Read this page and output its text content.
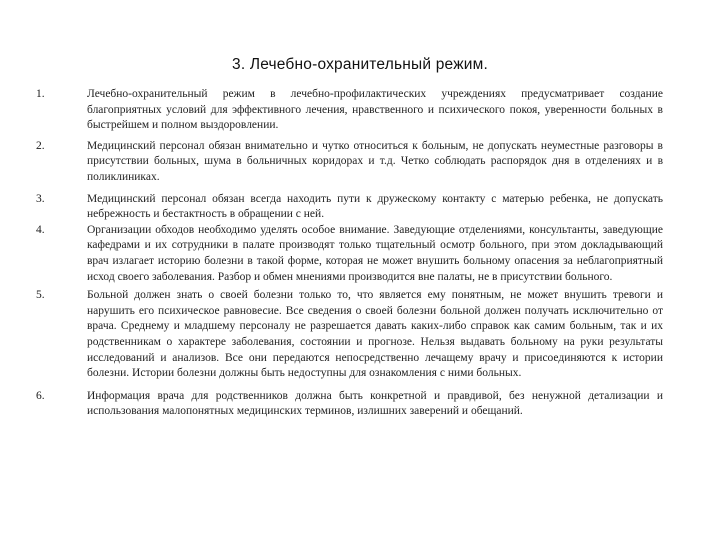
3. Лечебно-охранительный режим.
1.	Лечебно-охранительный режим в лечебно-профилактических учреждениях предусматривает создание благоприятных условий для эффективного лечения, нравственного и психического покоя, уверенности больных в быстрейшем и полном выздоровлении.
2.	Медицинский персонал обязан внимательно и чутко относиться к больным, не допускать неуместные разговоры в присутствии больных, шума в больничных коридорах и т.д. Четко соблюдать распорядок дня в отделениях и в поликлиниках.
3.	Медицинский персонал обязан всегда находить пути к дружескому контакту с матерью ребенка, не допускать небрежность и бестактность в обращении с ней.
4.	Организации обходов необходимо уделять особое внимание. Заведующие отделениями, консультанты, заведующие кафедрами и их сотрудники в палате производят только тщательный осмотр больного, при этом докладывающий врач излагает историю болезни в такой форме, которая не может внушить больному опасения за неблагоприятный исход своего заболевания. Разбор и обмен мнениями производится вне палаты, не в присутствии больного.
5.	Больной должен знать о своей болезни только то, что является ему понятным, не может внушить тревоги и нарушить его психическое равновесие. Все сведения о своей болезни больной должен получать исключительно от врача. Среднему и младшему персоналу не разрешается давать каких-либо справок как самим больным, так и их родственникам о характере заболевания, состоянии и прогнозе. Нельзя выдавать больному на руки результаты исследований и анализов. Все они передаются непосредственно лечащему врачу и присоединяются к истории болезни. Истории болезни должны быть недоступны для ознакомления с ними больных.
6.	Информация врача для родственников должна быть конкретной и правдивой, без ненужной детализации и использования малопонятных медицинских терминов, излишних заверений и обещаний.
